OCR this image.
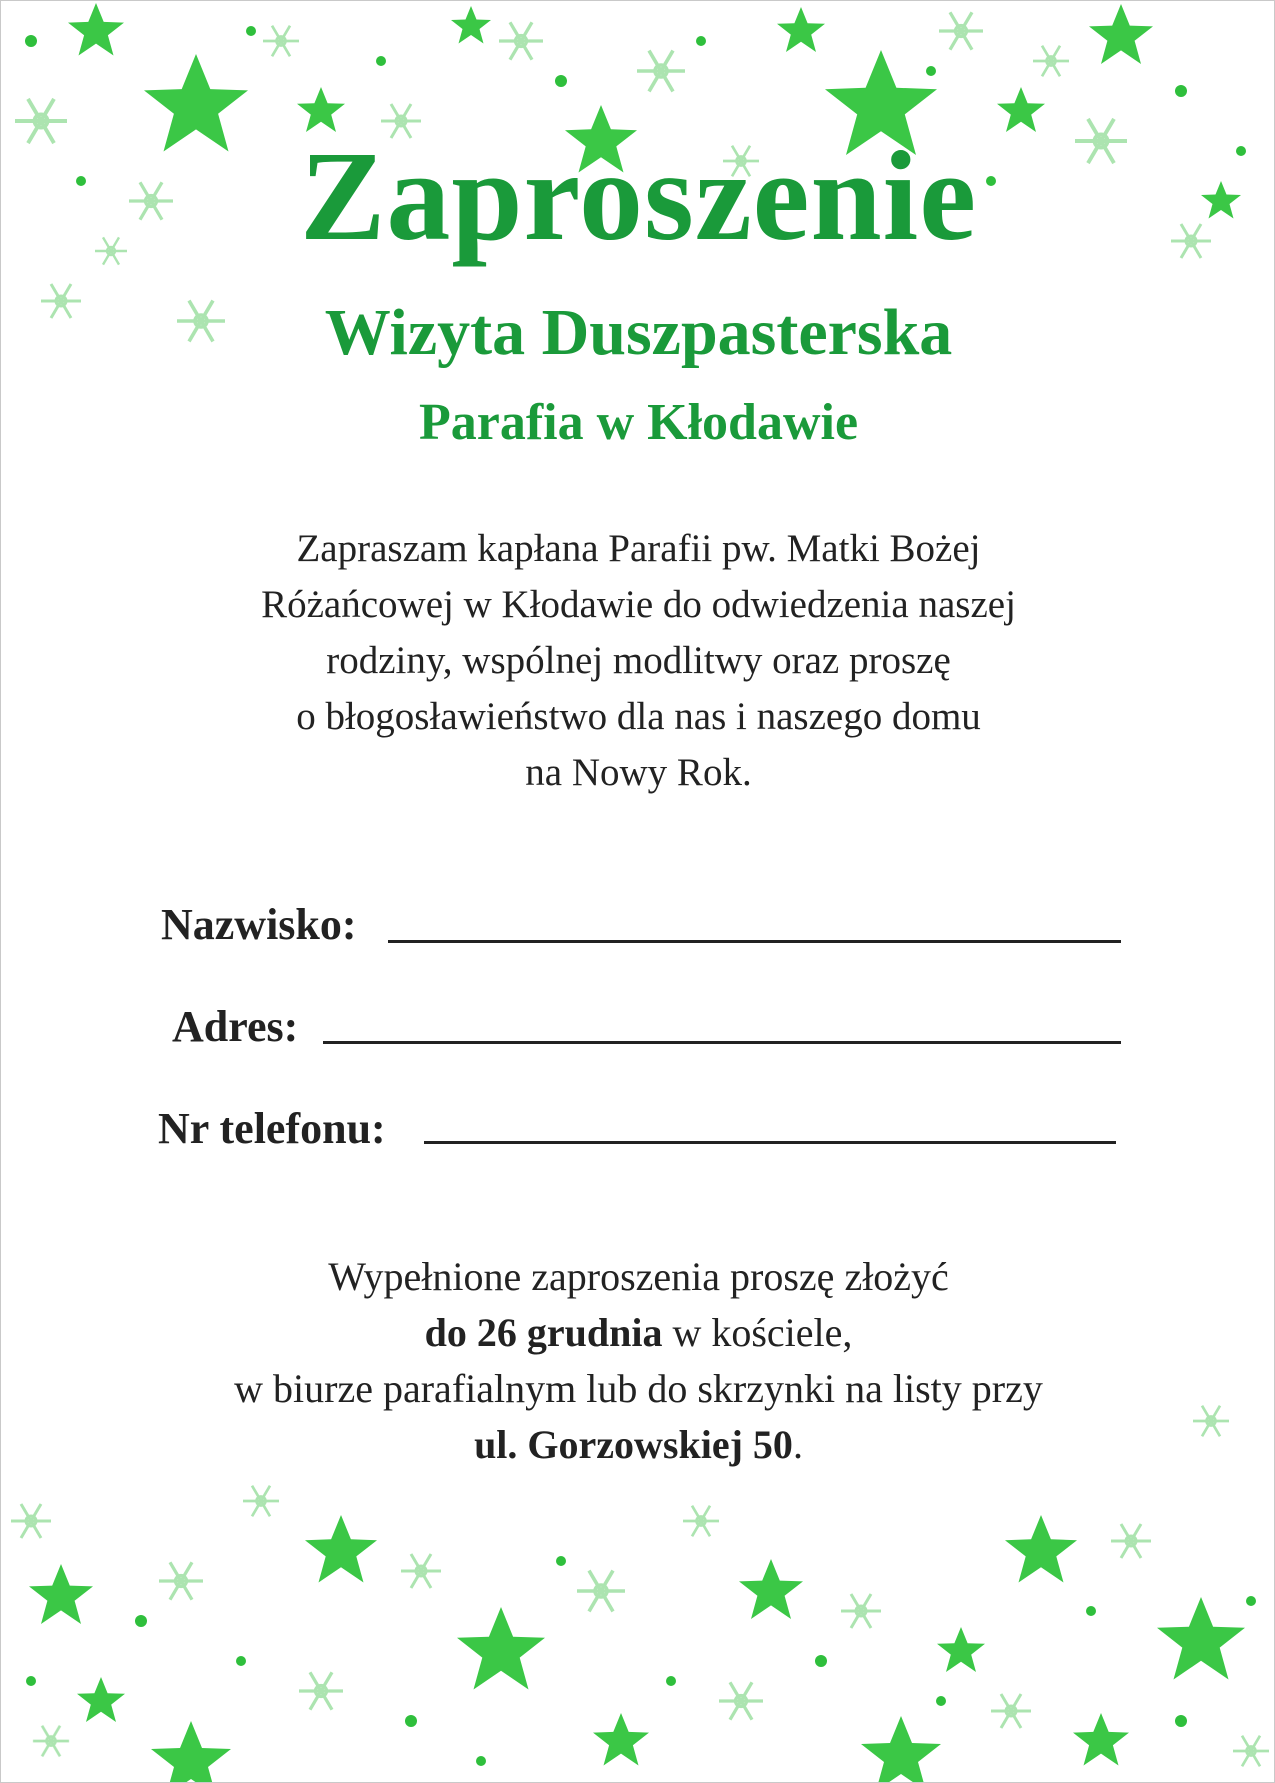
Zaproszenie
Wizyta Duszpasterska
Parafia w Kłodawie
Zapraszam kapłana Parafii pw. Matki Bożej
Różańcowej w Kłodawie do odwiedzenia naszej
rodziny, wspólnej modlitwy oraz proszę
o błogosławieństwo dla nas i naszego domu
na Nowy Rok.
Nazwisko:
Adres:
Nr telefonu:
Wypełnione zaproszenia proszę złożyć
do 26 grudnia w kościele,
w biurze parafialnym lub do skrzynki na listy przy
ul. Gorzowskiej 50.
